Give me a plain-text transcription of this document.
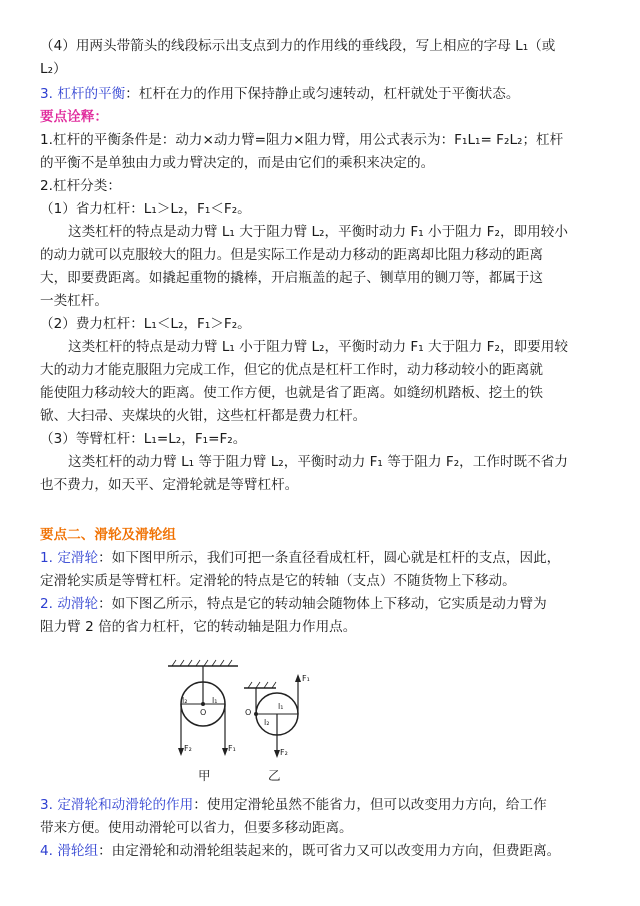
（4）用两头带箭头的线段标示出支点到力的作用线的垂线段，写上相应的字母 L₁（或
L₂）
3. 杠杆的平衡：杠杆在力的作用下保持静止或匀速转动，杠杆就处于平衡状态。
要点诠释：
1.杠杆的平衡条件是：动力×动力臂=阻力×阻力臂，用公式表示为：F₁L₁= F₂L₂；杠杆
的平衡不是单独由力或力臂决定的，而是由它们的乘积来决定的。
2.杠杆分类：
（1）省力杠杆：L₁＞L₂，F₁＜F₂。
这类杠杆的特点是动力臂 L₁ 大于阻力臂 L₂，平衡时动力 F₁ 小于阻力 F₂，即用较小
的动力就可以克服较大的阻力。但是实际工作是动力移动的距离却比阻力移动的距离
大，即要费距离。如撬起重物的撬棒，开启瓶盖的起子、铡草用的铡刀等，都属于这
一类杠杆。
（2）费力杠杆：L₁＜L₂，F₁＞F₂。
这类杠杆的特点是动力臂 L₁ 小于阻力臂 L₂，平衡时动力 F₁ 大于阻力 F₂，即要用较
大的动力才能克服阻力完成工作，但它的优点是杠杆工作时，动力移动较小的距离就
能使阻力移动较大的距离。使工作方便，也就是省了距离。如缝纫机踏板、挖土的铁
锨、大扫帚、夹煤块的火钳，这些杠杆都是费力杠杆。
（3）等臂杠杆：L₁=L₂，F₁=F₂。
这类杠杆的动力臂 L₁ 等于阻力臂 L₂，平衡时动力 F₁ 等于阻力 F₂，工作时既不省力
也不费力，如天平、定滑轮就是等臂杠杆。
要点二、滑轮及滑轮组
1. 定滑轮：如下图甲所示，我们可把一条直径看成杠杆，圆心就是杠杆的支点，因此，
定滑轮实质是等臂杠杆。定滑轮的特点是它的转轴（支点）不随货物上下移动。
2. 动滑轮：如下图乙所示，特点是它的转动轴会随物体上下移动，它实质是动力臂为
阻力臂 2 倍的省力杠杆，它的转动轴是阻力作用点。
l₂	l₁
O
F₂	F₁
O
l₁
l₂
F₁
F₂
甲	乙
3. 定滑轮和动滑轮的作用：使用定滑轮虽然不能省力，但可以改变用力方向，给工作
带来方便。使用动滑轮可以省力，但要多移动距离。
4. 滑轮组：由定滑轮和动滑轮组装起来的，既可省力又可以改变用力方向，但费距离。
